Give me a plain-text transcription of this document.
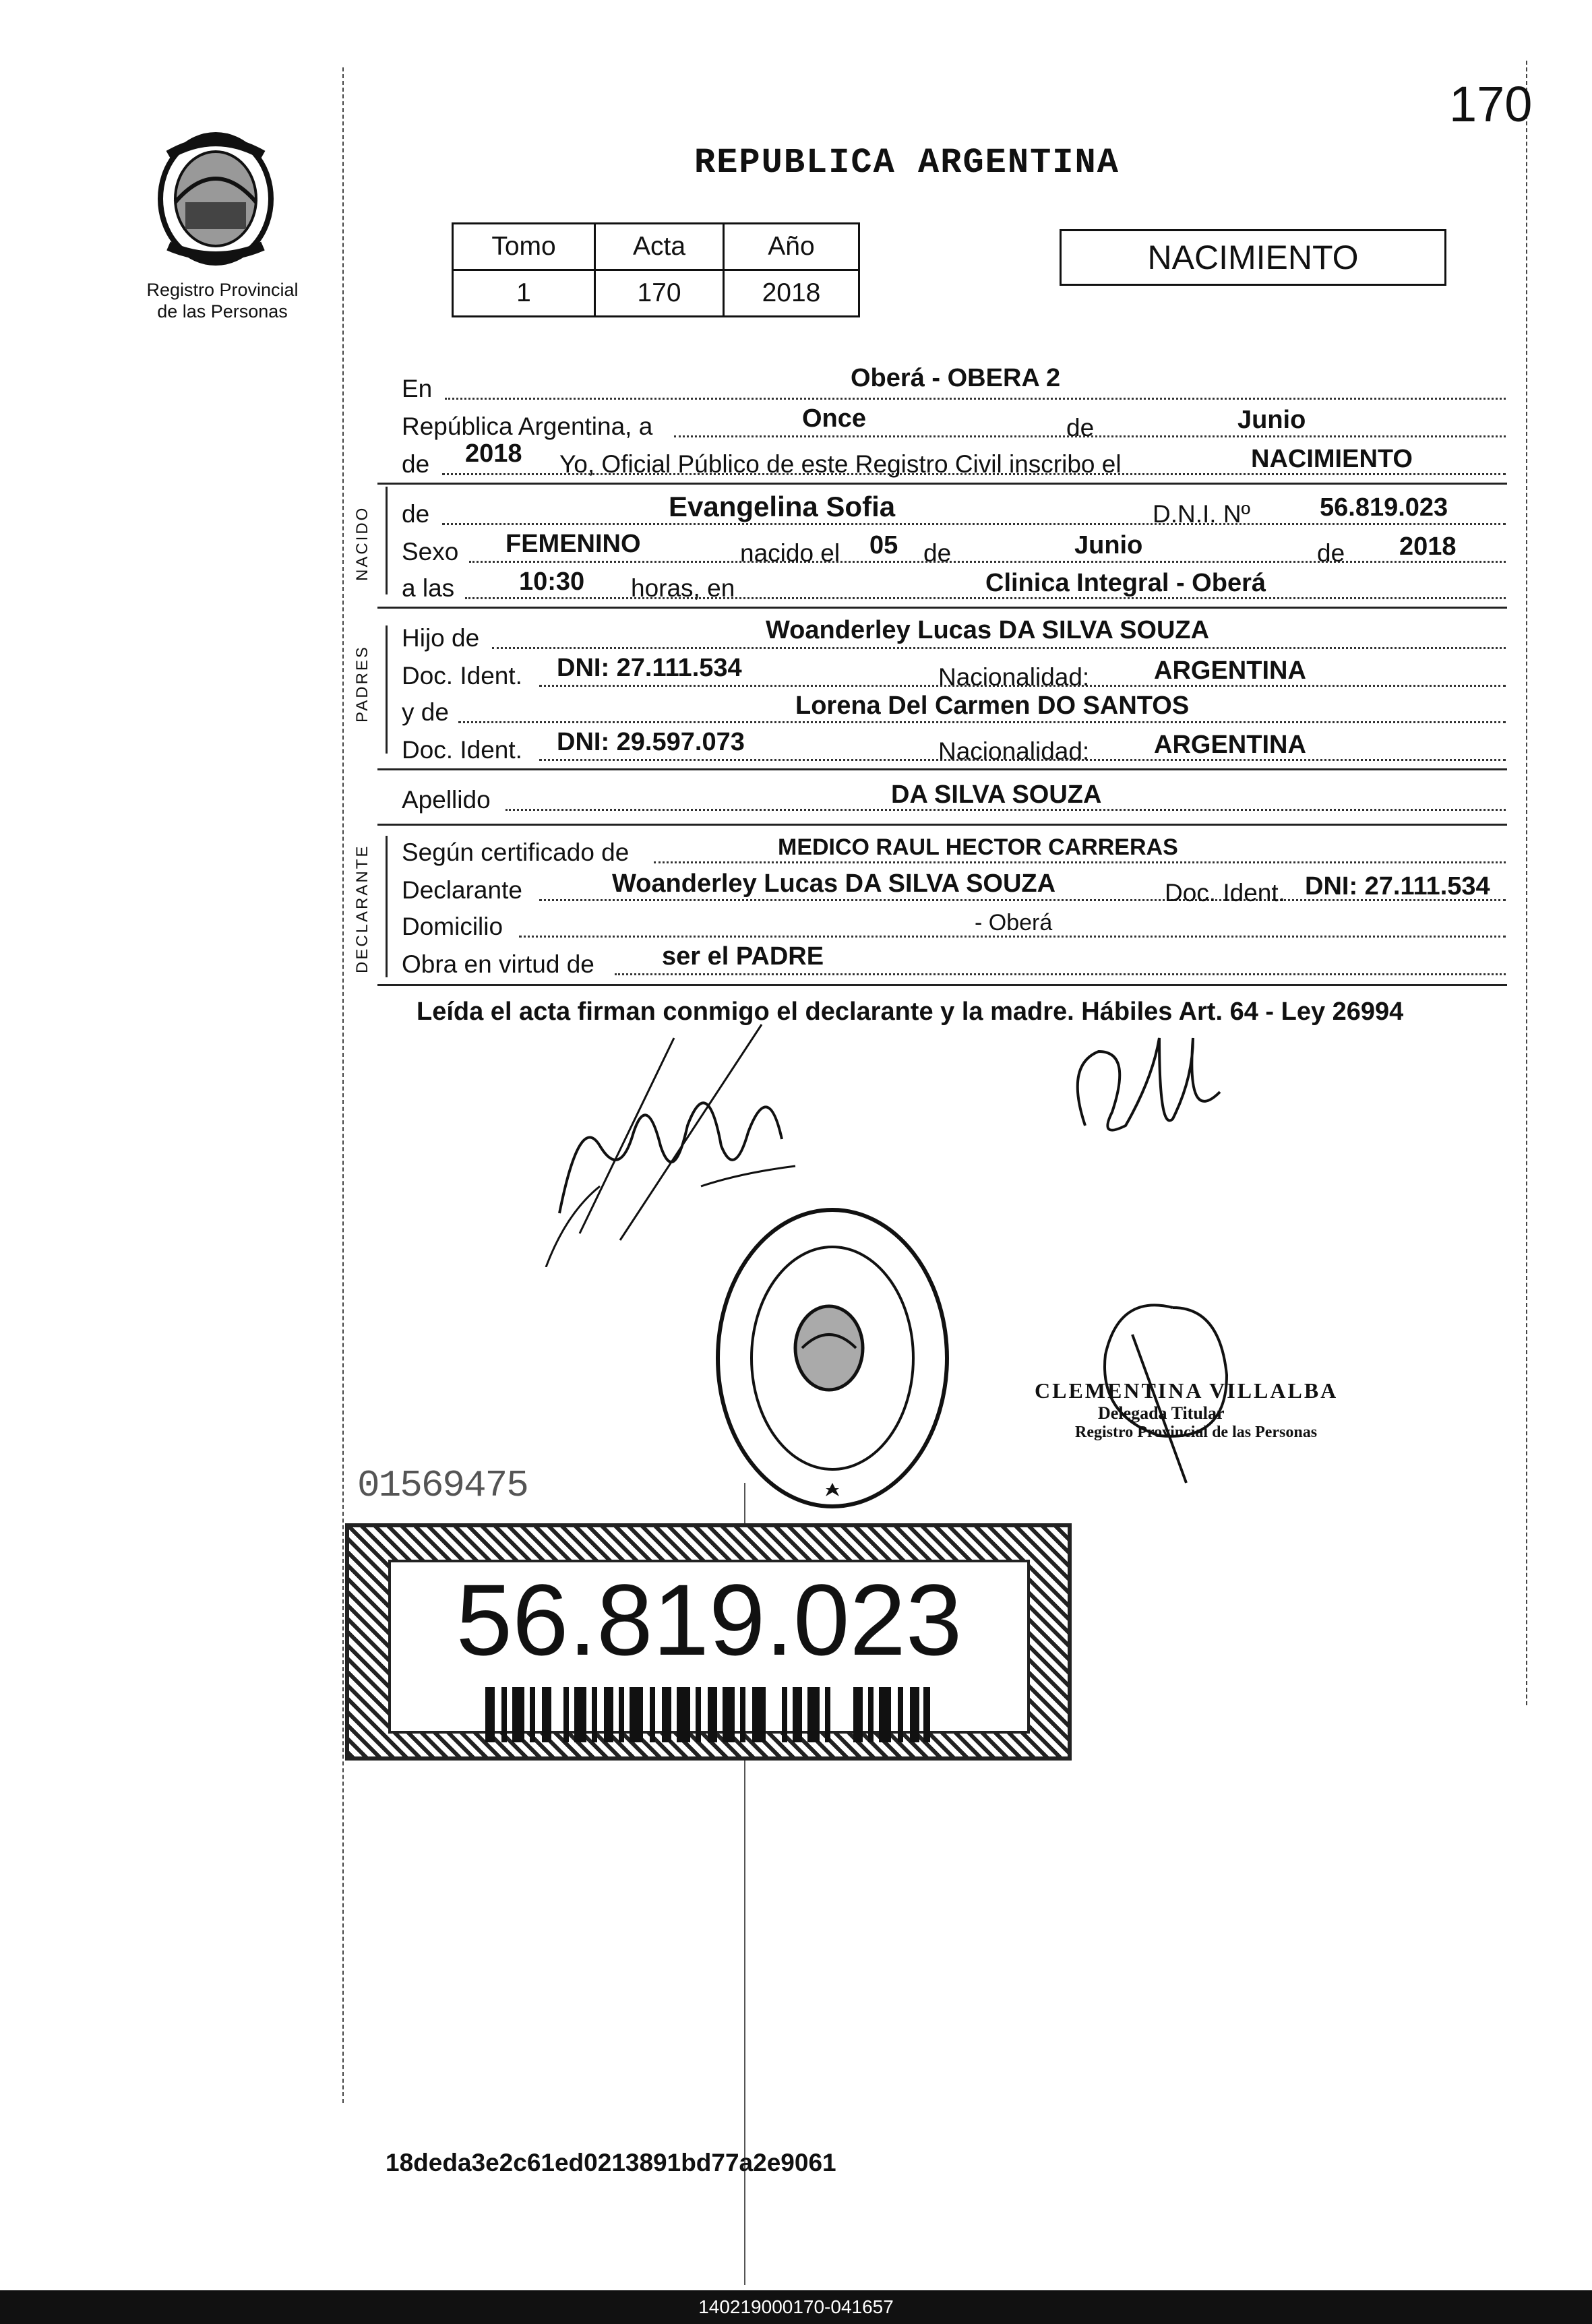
170
Registro Provincial
de las Personas
REPUBLICA ARGENTINA
Tomo	Acta	Año
1	170	2018
NACIMIENTO
En	Oberá - OBERA 2
República Argentina, a	Once	de	Junio
de 2018 Yo, Oficial Público de este Registro Civil inscribo el	NACIMIENTO
NACIDO de	Evangelina Sofia	D.N.I. Nº	56.819.023
Sexo FEMENINO	nacido el 05 de	Junio	de 2018
a las	10:30 horas, en	Clinica Integral - Oberá
PADRES
Hijo de	Woanderley Lucas DA SILVA SOUZA
Doc. Ident. DNI: 27.111.534	Nacionalidad:	ARGENTINA
y de	Lorena Del Carmen DO SANTOS
Doc. Ident. DNI: 29.597.073	Nacionalidad:	ARGENTINA
Apellido	DA SILVA SOUZA
DECLARANTE Según certificado de	MEDICO RAUL HECTOR CARRERAS
Declarante	Woanderley Lucas DA SILVA SOUZA	Doc. Ident. DNI: 27.111.534
Domicilio	- Oberá
Obra en virtud de	ser el PADRE
Leída el acta firman conmigo el declarante y la madre. Hábiles Art. 64 - Ley 26994
CLEMENTINA VILLALBA
Delegada Titular
Registro Provincial de las Personas
01569475
56.819.023
18deda3e2c61ed0213891bd77a2e9061
140219000170-041657
